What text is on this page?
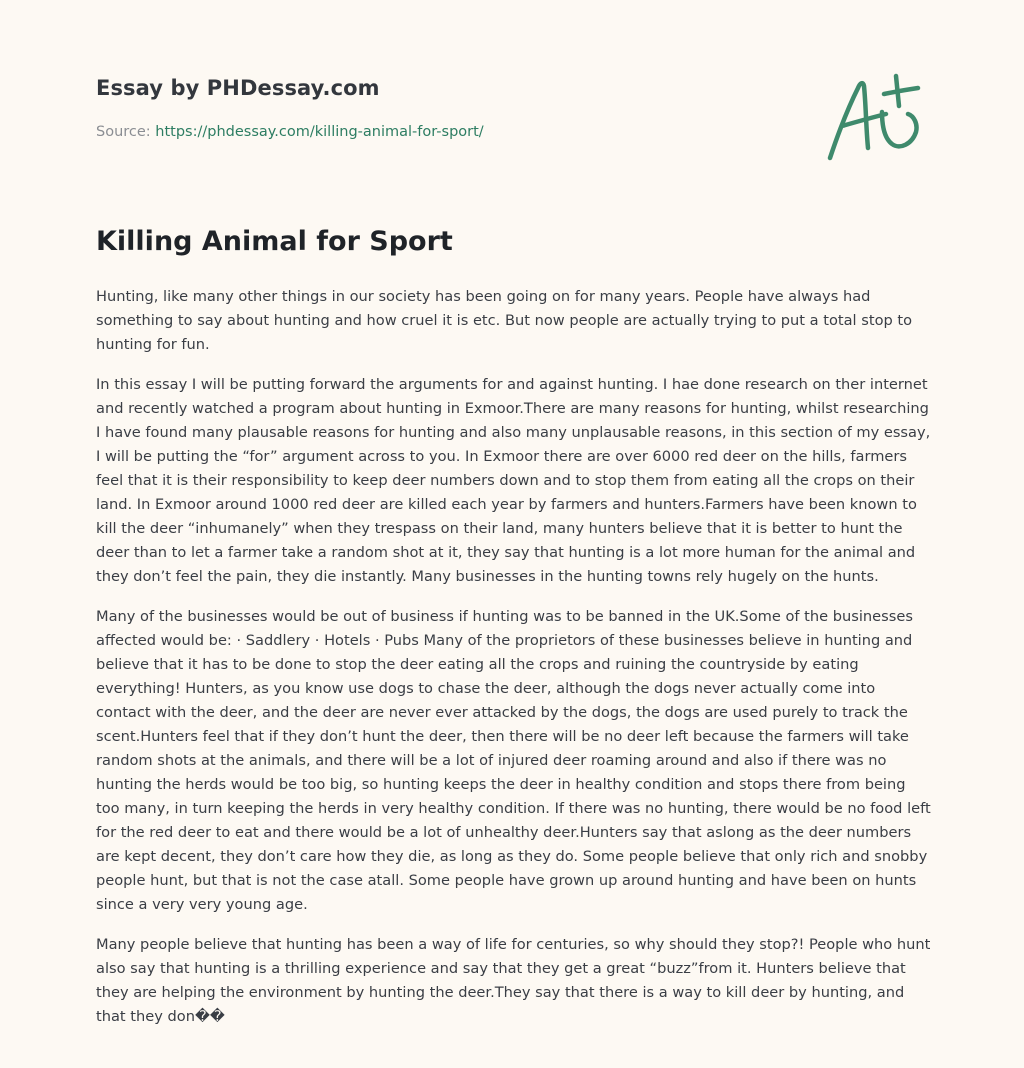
Essay by PHDessay.com

Source: https://phdessay.com/killing-animal-for-sport/

Killing Animal for Sport

Hunting, like many other things in our society has been going on for many years. People have always had something to say about hunting and how cruel it is etc. But now people are actually trying to put a total stop to hunting for fun.

In this essay I will be putting forward the arguments for and against hunting. I hae done research on ther internet and recently watched a program about hunting in Exmoor.There are many reasons for hunting, whilst researching I have found many plausable reasons for hunting and also many unplausable reasons, in this section of my essay, I will be putting the “for” argument across to you. In Exmoor there are over 6000 red deer on the hills, farmers feel that it is their responsibility to keep deer numbers down and to stop them from eating all the crops on their land. In Exmoor around 1000 red deer are killed each year by farmers and hunters.Farmers have been known to kill the deer “inhumanely” when they trespass on their land, many hunters believe that it is better to hunt the deer than to let a farmer take a random shot at it, they say that hunting is a lot more human for the animal and they don’t feel the pain, they die instantly. Many businesses in the hunting towns rely hugely on the hunts.

Many of the businesses would be out of business if hunting was to be banned in the UK.Some of the businesses affected would be: · Saddlery · Hotels · Pubs Many of the proprietors of these businesses believe in hunting and believe that it has to be done to stop the deer eating all the crops and ruining the countryside by eating everything! Hunters, as you know use dogs to chase the deer, although the dogs never actually come into contact with the deer, and the deer are never ever attacked by the dogs, the dogs are used purely to track the scent.Hunters feel that if they don’t hunt the deer, then there will be no deer left because the farmers will take random shots at the animals, and there will be a lot of injured deer roaming around and also if there was no hunting the herds would be too big, so hunting keeps the deer in healthy condition and stops there from being too many, in turn keeping the herds in very healthy condition. If there was no hunting, there would be no food left for the red deer to eat and there would be a lot of unhealthy deer.Hunters say that aslong as the deer numbers are kept decent, they don’t care how they die, as long as they do. Some people believe that only rich and snobby people hunt, but that is not the case atall. Some people have grown up around hunting and have been on hunts since a very very young age.

Many people believe that hunting has been a way of life for centuries, so why should they stop?! People who hunt also say that hunting is a thrilling experience and say that they get a great “buzz”from it. Hunters believe that they are helping the environment by hunting the deer.They say that there is a way to kill deer by hunting, and that they don��
